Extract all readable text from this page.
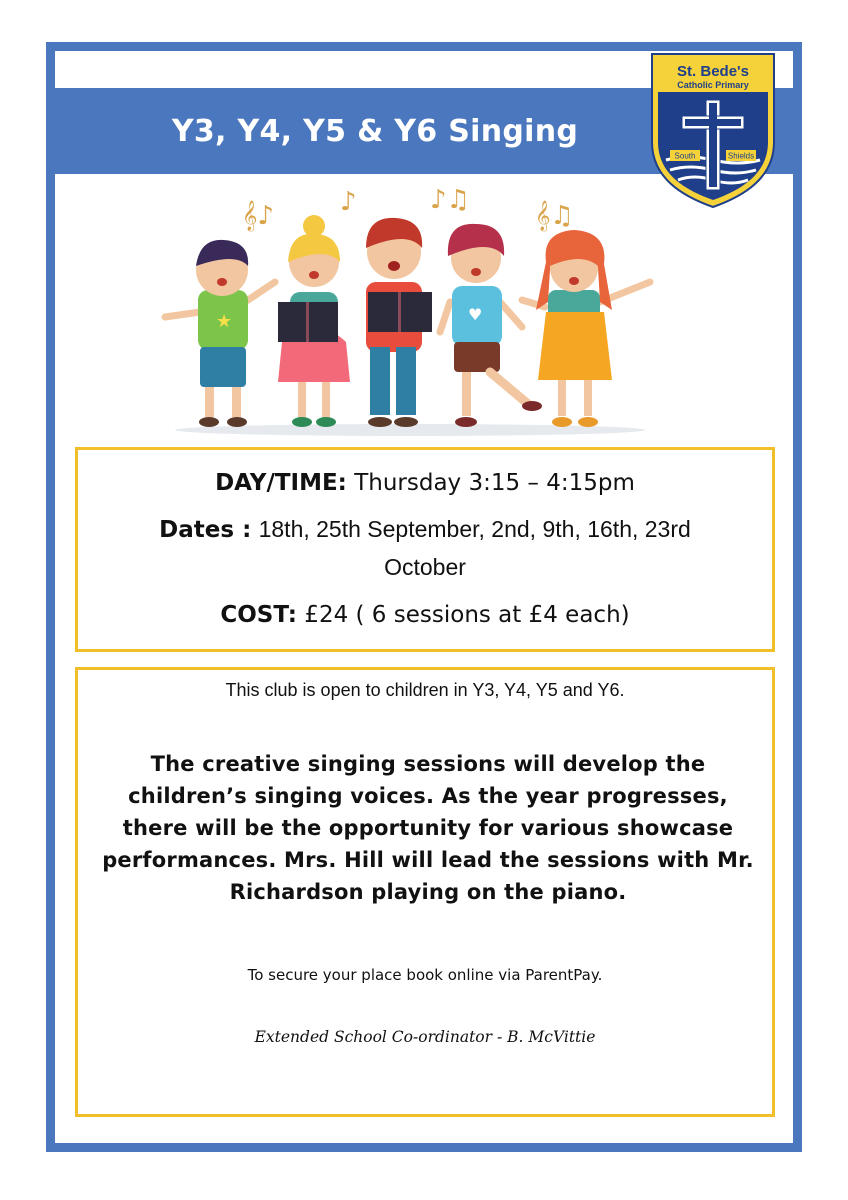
Y3, Y4, Y5 & Y6 Singing
St. Bede's
Catholic Primary
South	Shields
𝄞♪	♪	♪♫
𝄞♫
★	♥
DAY/TIME: Thursday 3:15 – 4:15pm
Dates : 18th, 25th September, 2nd, 9th, 16th, 23rd
October
COST: £24 ( 6 sessions at £4 each)
This club is open to children in Y3, Y4, Y5 and Y6.
The creative singing sessions will develop the children’s singing voices. As the year progresses, there will be the opportunity for various showcase performances. Mrs. Hill will lead the sessions with Mr. Richardson playing on the piano.
To secure your place book online via ParentPay.
Extended School Co-ordinator - B. McVittie
